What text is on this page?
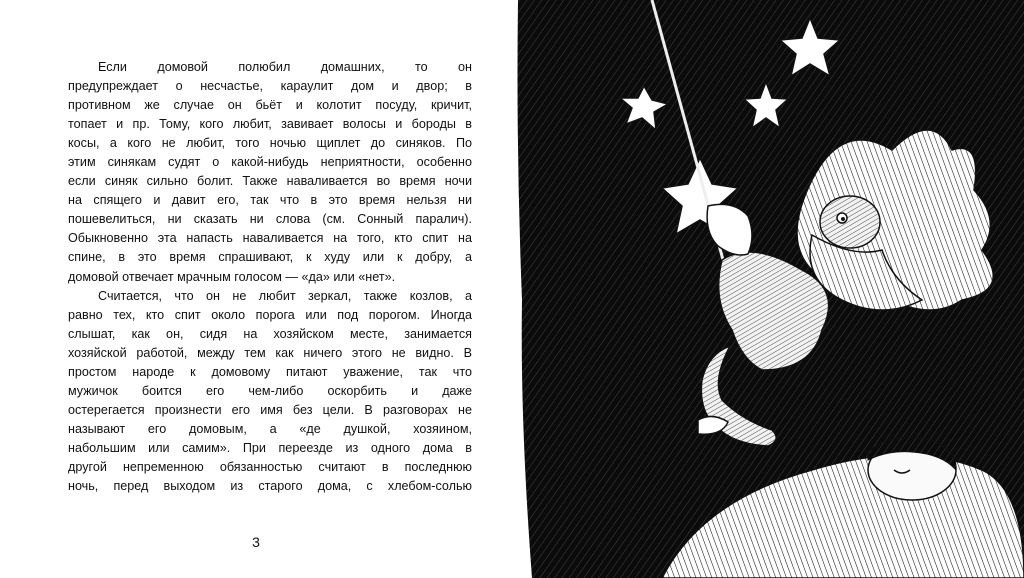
Если домовой полюбил домашних, то он
предупреждает о несчастье, караулит дом и двор; в
противном же случае он бьёт и колотит посуду, кричит,
топает и пр. Тому, кого любит, завивает волосы и бороды в
косы, а кого не любит, того ночью щиплет до синяков. По
этим синякам судят о какой-нибудь неприятности, особенно
если синяк сильно болит. Также наваливается во время ночи
на спящего и давит его, так что в это время нельзя ни
пошевелиться, ни сказать ни слова (см. Сонный паралич).
Обыкновенно эта напасть наваливается на того, кто спит на
спине, в это время спрашивают, к худу или к добру, а
домовой отвечает мрачным голосом — «да» или «нет».
Считается, что он не любит зеркал, также козлов, а
равно тех, кто спит около порога или под порогом. Иногда
слышат, как он, сидя на хозяйском месте, занимается
хозяйской работой, между тем как ничего этого не видно. В
простом народе к домовому питают уважение, так что
мужичок боится его чем-либо оскорбить и даже
остерегается произнести его имя без цели. В разговорах не
называют его домовым, а «де душкой, хозяином,
набольшим или самим». При переезде из одного дома в
другой непременною обязанностью считают в последнюю
ночь, перед выходом из старого дома, с хлебом-солью
3
